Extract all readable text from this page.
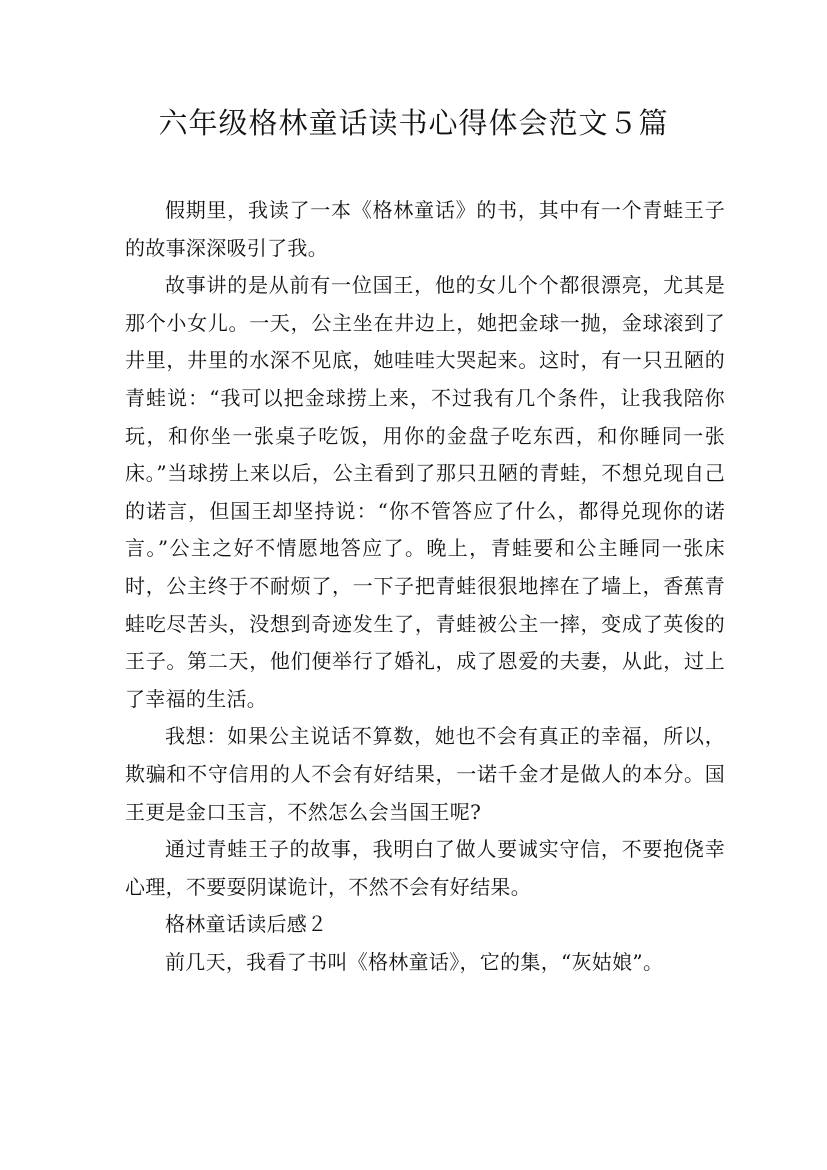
六年级格林童话读书心得体会范文５篇

假期里，我读了一本《格林童话》的书，其中有一个青蛙王子的故事深深吸引了我。

故事讲的是从前有一位国王，他的女儿个个都很漂亮，尤其是那个小女儿。一天，公主坐在井边上，她把金球一抛，金球滚到了井里，井里的水深不见底，她哇哇大哭起来。这时，有一只丑陋的青蛙说：“我可以把金球捞上来，不过我有几个条件，让我我陪你玩，和你坐一张桌子吃饭，用你的金盘子吃东西，和你睡同一张床。”当球捞上来以后，公主看到了那只丑陋的青蛙，不想兑现自己的诺言，但国王却坚持说：“你不管答应了什么，都得兑现你的诺言。”公主之好不情愿地答应了。晚上，青蛙要和公主睡同一张床时，公主终于不耐烦了，一下子把青蛙很狠地摔在了墙上，香蕉青蛙吃尽苦头，没想到奇迹发生了，青蛙被公主一摔，变成了英俊的王子。第二天，他们便举行了婚礼，成了恩爱的夫妻，从此，过上了幸福的生活。

我想：如果公主说话不算数，她也不会有真正的幸福，所以，欺骗和不守信用的人不会有好结果，一诺千金才是做人的本分。国王更是金口玉言，不然怎么会当国王呢?

通过青蛙王子的故事，我明白了做人要诚实守信，不要抱侥幸心理，不要耍阴谋诡计，不然不会有好结果。

格林童话读后感２

前几天，我看了书叫《格林童话》，它的集，“灰姑娘”。
